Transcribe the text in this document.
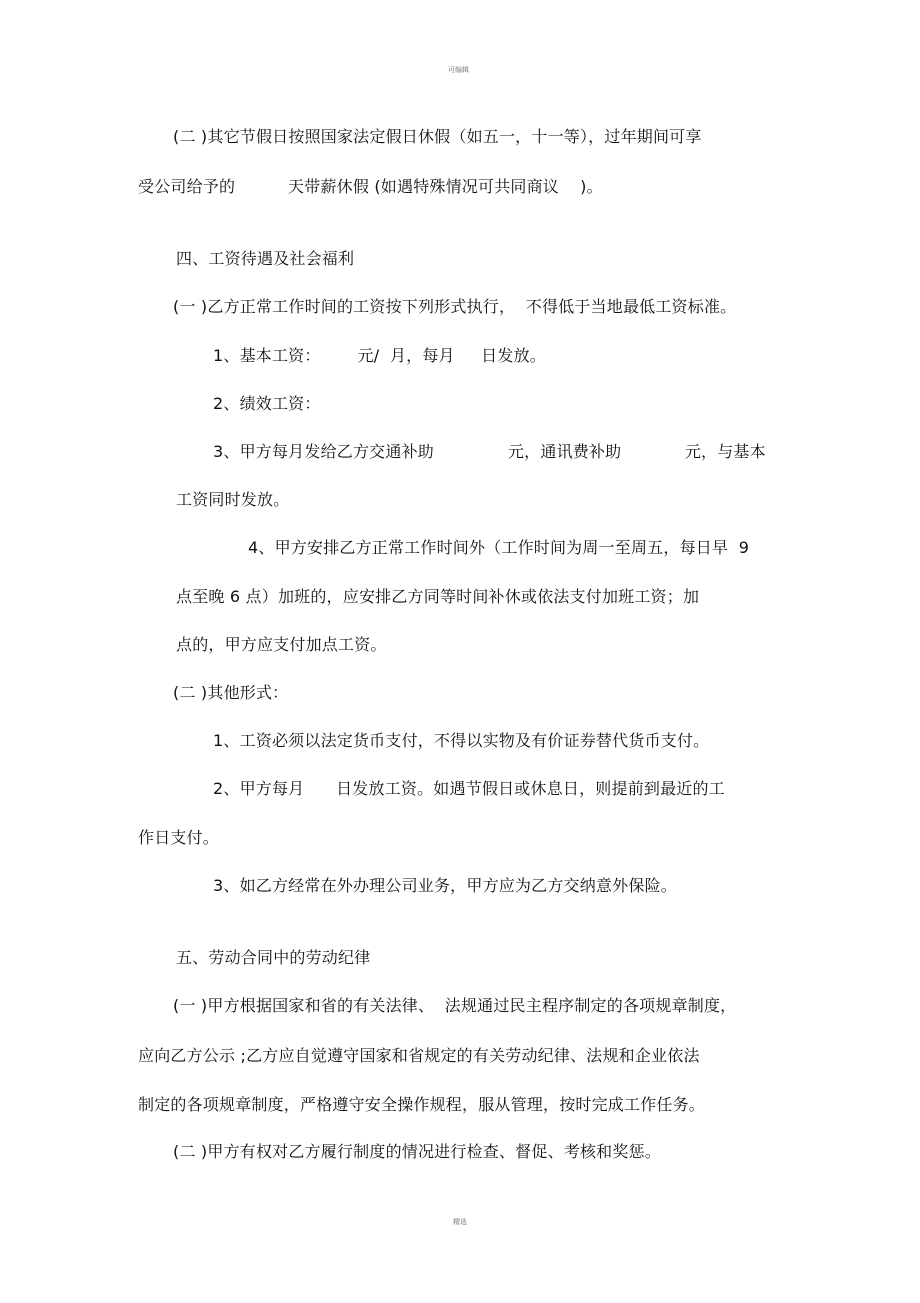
可编辑
(二 )其它节假日按照国家法定假日休假（如五一，十一等），过年期间可享
受公司给予的          天带薪休假 (如遇特殊情况可共同商议    )。
四、工资待遇及社会福利
(一 )乙方正常工作时间的工资按下列形式执行，  不得低于当地最低工资标准。
1、基本工资：       元/  月，每月     日发放。
2、绩效工资：
3、甲方每月发给乙方交通补助              元，通讯费补助            元，与基本
工资同时发放。
4、甲方安排乙方正常工作时间外（工作时间为周一至周五，每日早  9
点至晚 6 点）加班的，应安排乙方同等时间补休或依法支付加班工资；加
点的，甲方应支付加点工资。
(二 )其他形式：
1、工资必须以法定货币支付，不得以实物及有价证券替代货币支付。
2、甲方每月      日发放工资。如遇节假日或休息日，则提前到最近的工
作日支付。
3、如乙方经常在外办理公司业务，甲方应为乙方交纳意外保险。
五、劳动合同中的劳动纪律
(一 )甲方根据国家和省的有关法律、  法规通过民主程序制定的各项规章制度，
应向乙方公示 ;乙方应自觉遵守国家和省规定的有关劳动纪律、法规和企业依法
制定的各项规章制度，严格遵守安全操作规程，服从管理，按时完成工作任务。
(二 )甲方有权对乙方履行制度的情况进行检查、督促、考核和奖惩。
精选
